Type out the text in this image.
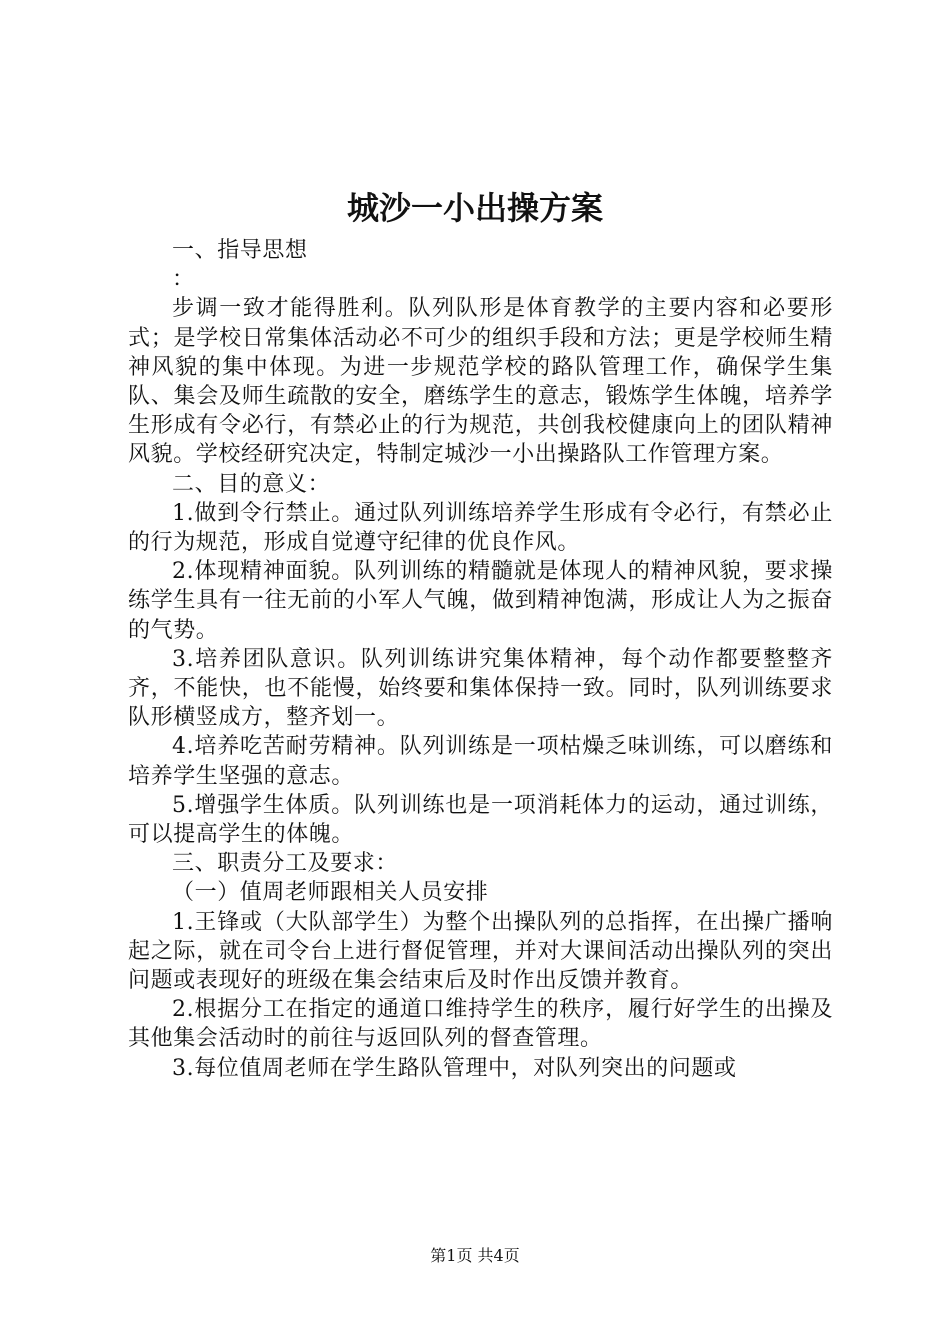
城沙一小出操方案

一、指导思想

：

步调一致才能得胜利。队列队形是体育教学的主要内容和必要形式；是学校日常集体活动必不可少的组织手段和方法；更是学校师生精神风貌的集中体现。为进一步规范学校的路队管理工作，确保学生集队、集会及师生疏散的安全，磨练学生的意志，锻炼学生体魄，培养学生形成有令必行，有禁必止的行为规范，共创我校健康向上的团队精神风貌。学校经研究决定，特制定城沙一小出操路队工作管理方案。

二、目的意义：

1.做到令行禁止。通过队列训练培养学生形成有令必行，有禁必止的行为规范，形成自觉遵守纪律的优良作风。

2.体现精神面貌。队列训练的精髓就是体现人的精神风貌，要求操练学生具有一往无前的小军人气魄，做到精神饱满，形成让人为之振奋的气势。

3.培养团队意识。队列训练讲究集体精神，每个动作都要整整齐齐，不能快，也不能慢，始终要和集体保持一致。同时，队列训练要求队形横竖成方，整齐划一。

4.培养吃苦耐劳精神。队列训练是一项枯燥乏味训练，可以磨练和培养学生坚强的意志。

5.增强学生体质。队列训练也是一项消耗体力的运动，通过训练，可以提高学生的体魄。

三、职责分工及要求：

（一）值周老师跟相关人员安排

1.王锋或（大队部学生）为整个出操队列的总指挥，在出操广播响起之际，就在司令台上进行督促管理，并对大课间活动出操队列的突出问题或表现好的班级在集会结束后及时作出反馈并教育。

2.根据分工在指定的通道口维持学生的秩序，履行好学生的出操及其他集会活动时的前往与返回队列的督查管理。

3.每位值周老师在学生路队管理中，对队列突出的问题或

第1页 共4页
